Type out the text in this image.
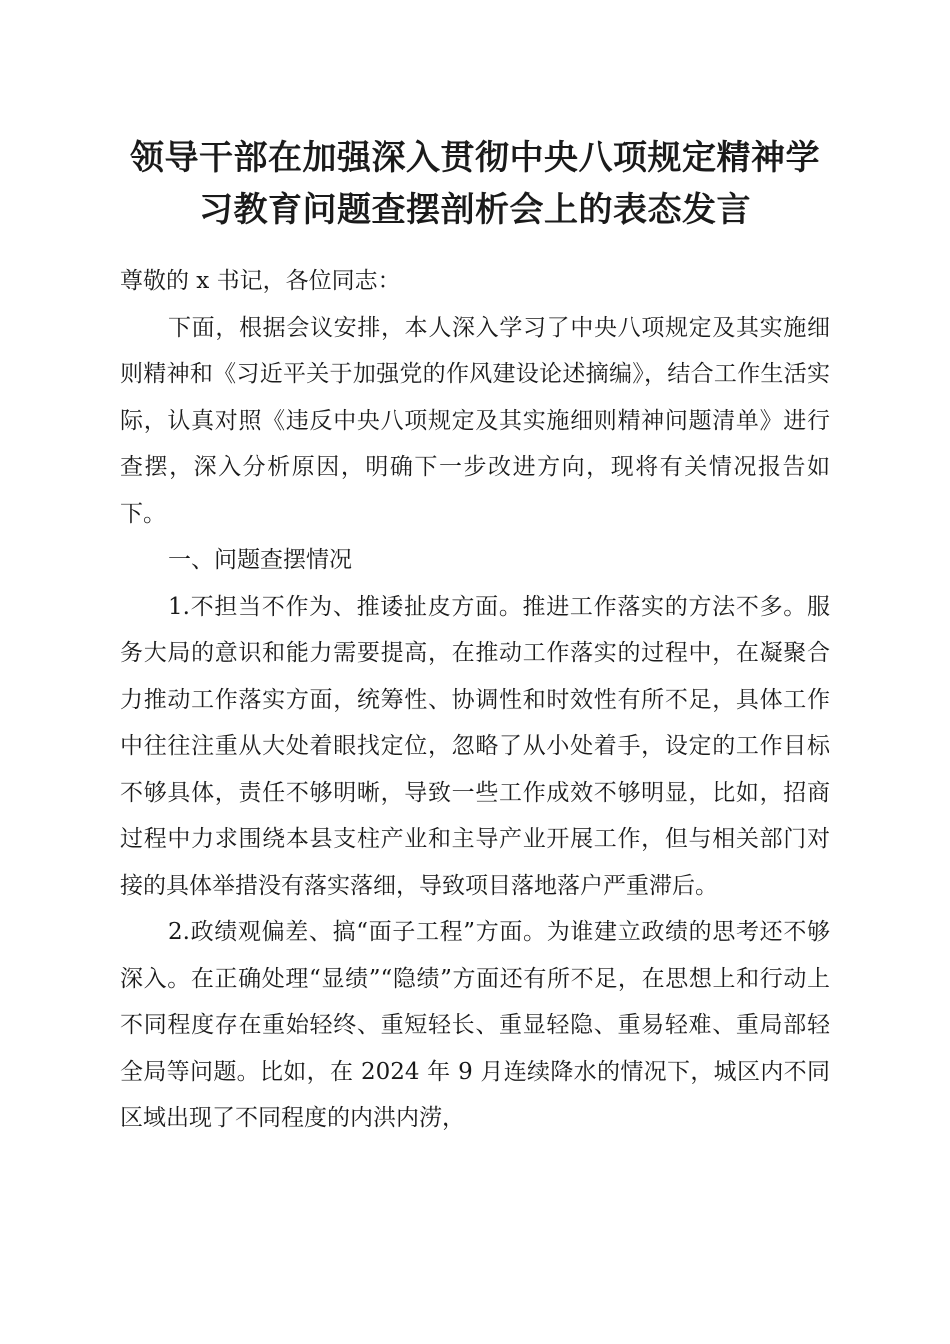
领导干部在加强深入贯彻中央八项规定精神学
习教育问题查摆剖析会上的表态发言

尊敬的 x 书记，各位同志：

下面，根据会议安排，本人深入学习了中央八项规定及其实施细则精神和《习近平关于加强党的作风建设论述摘编》，结合工作生活实际，认真对照《违反中央八项规定及其实施细则精神问题清单》进行查摆，深入分析原因，明确下一步改进方向，现将有关情况报告如下。

一、问题查摆情况

1.不担当不作为、推诿扯皮方面。推进工作落实的方法不多。服务大局的意识和能力需要提高，在推动工作落实的过程中，在凝聚合力推动工作落实方面，统筹性、协调性和时效性有所不足，具体工作中往往注重从大处着眼找定位，忽略了从小处着手，设定的工作目标不够具体，责任不够明晰，导致一些工作成效不够明显，比如，招商过程中力求围绕本县支柱产业和主导产业开展工作，但与相关部门对接的具体举措没有落实落细，导致项目落地落户严重滞后。

2.政绩观偏差、搞“面子工程”方面。为谁建立政绩的思考还不够深入。在正确处理“显绩”“隐绩”方面还有所不足，在思想上和行动上不同程度存在重始轻终、重短轻长、重显轻隐、重易轻难、重局部轻全局等问题。比如，在 2024 年 9 月连续降水的情况下，城区内不同区域出现了不同程度的内洪内涝，
